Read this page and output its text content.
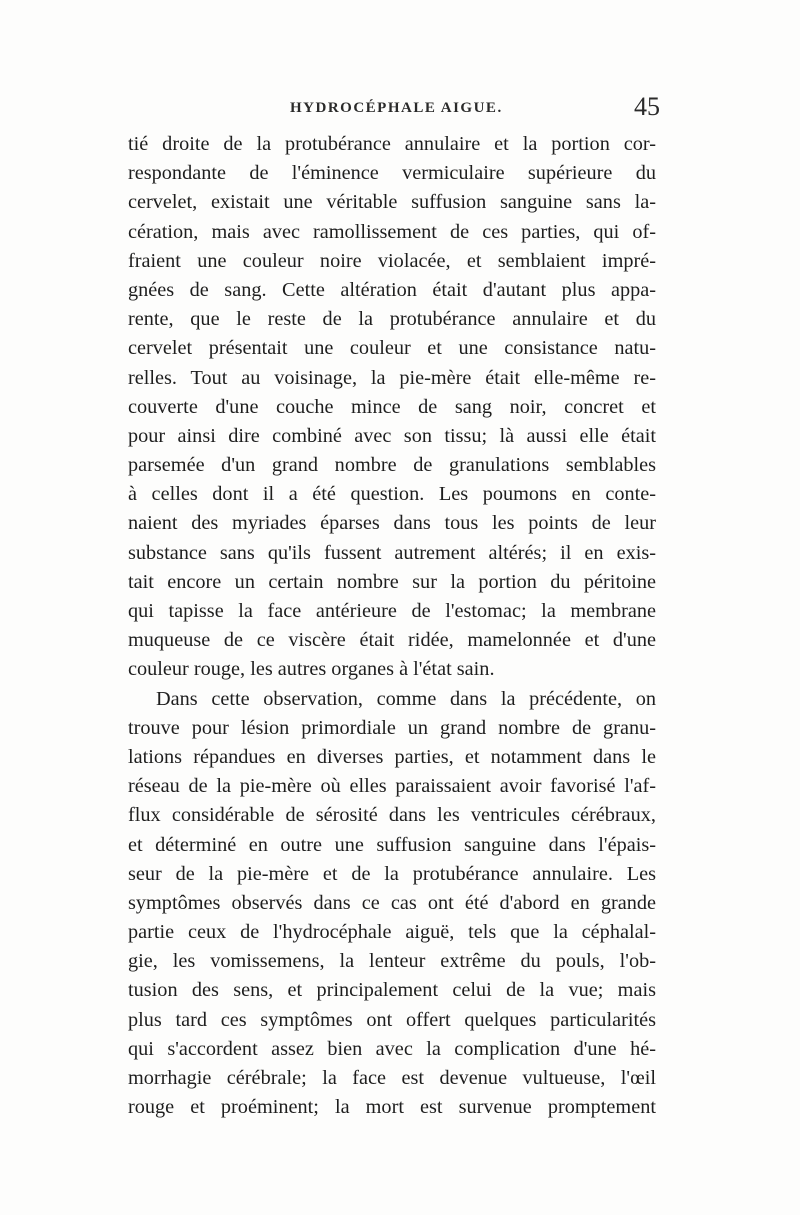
HYDROCÉPHALE AIGUE.	45
tié droite de la protubérance annulaire et la portion cor-
respondante de l'éminence vermiculaire supérieure du
cervelet, existait une véritable suffusion sanguine sans la-
cération, mais avec ramollissement de ces parties, qui of-
fraient une couleur noire violacée, et semblaient impré-
gnées de sang. Cette altération était d'autant plus appa-
rente, que le reste de la protubérance annulaire et du
cervelet présentait une couleur et une consistance natu-
relles. Tout au voisinage, la pie-mère était elle-même re-
couverte d'une couche mince de sang noir, concret et
pour ainsi dire combiné avec son tissu; là aussi elle était
parsemée d'un grand nombre de granulations semblables
à celles dont il a été question. Les poumons en conte-
naient des myriades éparses dans tous les points de leur
substance sans qu'ils fussent autrement altérés; il en exis-
tait encore un certain nombre sur la portion du péritoine
qui tapisse la face antérieure de l'estomac; la membrane
muqueuse de ce viscère était ridée, mamelonnée et d'une
couleur rouge, les autres organes à l'état sain.
Dans cette observation, comme dans la précédente, on
trouve pour lésion primordiale un grand nombre de granu-
lations répandues en diverses parties, et notamment dans le
réseau de la pie-mère où elles paraissaient avoir favorisé l'af-
flux considérable de sérosité dans les ventricules cérébraux,
et déterminé en outre une suffusion sanguine dans l'épais-
seur de la pie-mère et de la protubérance annulaire. Les
symptômes observés dans ce cas ont été d'abord en grande
partie ceux de l'hydrocéphale aiguë, tels que la céphalal-
gie, les vomissemens, la lenteur extrême du pouls, l'ob-
tusion des sens, et principalement celui de la vue; mais
plus tard ces symptômes ont offert quelques particularités
qui s'accordent assez bien avec la complication d'une hé-
morrhagie cérébrale; la face est devenue vultueuse, l'œil
rouge et proéminent; la mort est survenue promptement
